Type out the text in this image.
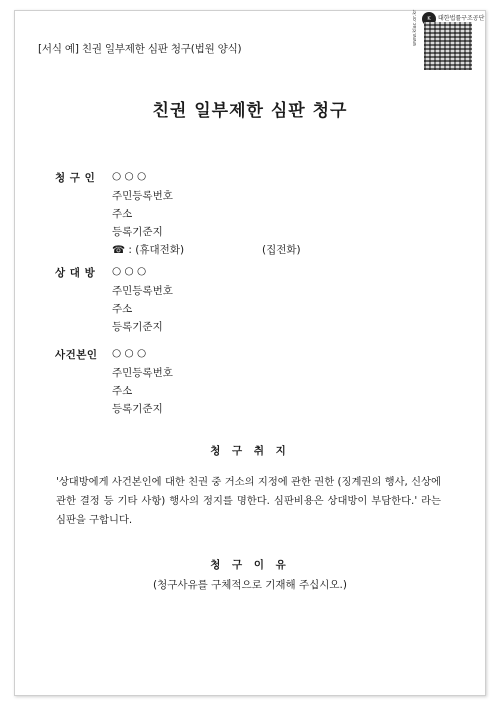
[서식 예] 친권 일부제한 심판 청구(법원 양식)
K	대한법률구조공단
www.klac.or.kr
친권 일부제한 심판 청구
청 구 인 ○ ○ ○
주민등록번호
주소
등록기준지
☎ : (휴대전화)	(집전화)
상 대 방 ○ ○ ○
주민등록번호
주소
등록기준지
사건본인 ○ ○ ○
주민등록번호
주소
등록기준지
청 구 취 지
'상대방에게 사건본인에 대한 친권 중 거소의 지정에 관한 권한 (징계권의 행사, 신상에 관한 결정 등 기타 사항) 행사의 정지를 명한다. 심판비용은 상대방이 부담한다.' 라는 심판을 구합니다.
청 구 이 유
(청구사유를 구체적으로 기재해 주십시오.)
